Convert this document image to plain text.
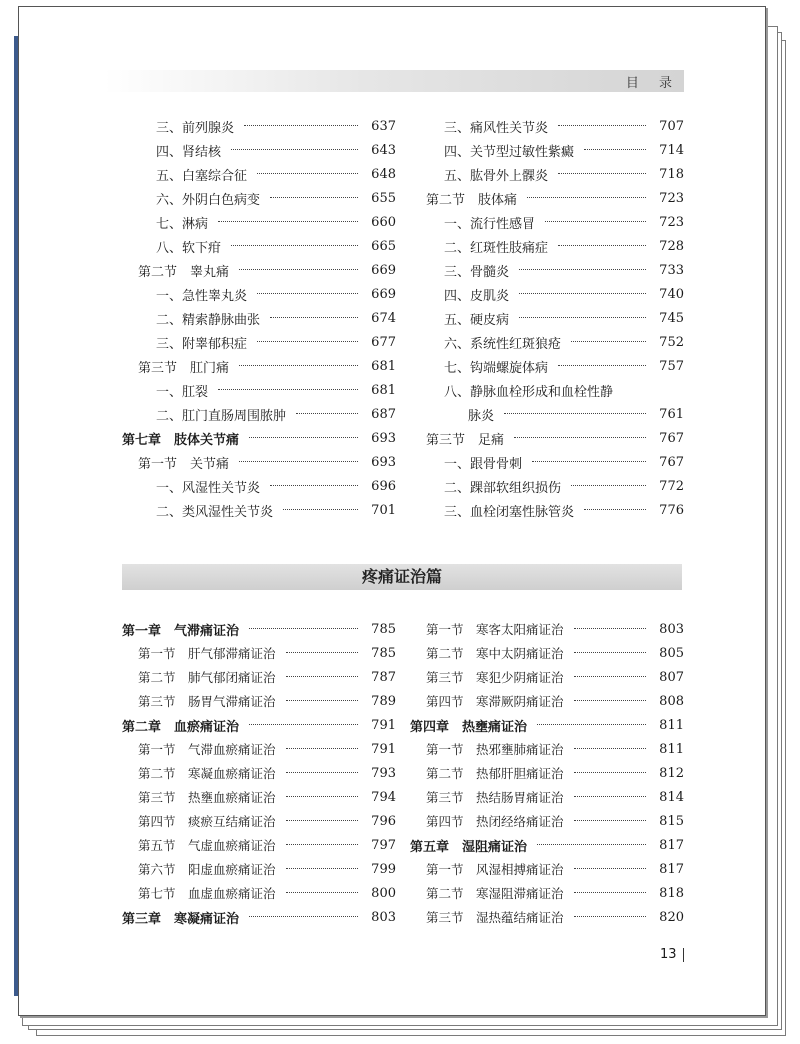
目 录
三、前列腺炎	637
四、肾结核	643
五、白塞综合征	648
六、外阴白色病变	655
七、淋病	660
八、软下疳	665
第二节　睾丸痛	669
一、急性睾丸炎	669
二、精索静脉曲张	674
三、附睾郁积症	677
第三节　肛门痛	681
一、肛裂	681
二、肛门直肠周围脓肿	687
第七章　肢体关节痛	693
第一节　关节痛	693
一、风湿性关节炎	696
二、类风湿性关节炎	701
三、痛风性关节炎	707
四、关节型过敏性紫癜	714
五、肱骨外上髁炎	718
第二节　肢体痛	723
一、流行性感冒	723
二、红斑性肢痛症	728
三、骨髓炎	733
四、皮肌炎	740
五、硬皮病	745
六、系统性红斑狼疮	752
七、钩端螺旋体病	757
八、静脉血栓形成和血栓性静
脉炎	761
第三节　足痛	767
一、跟骨骨刺	767
二、踝部软组织损伤	772
三、血栓闭塞性脉管炎	776
疼痛证治篇
第一章　气滞痛证治	785
第一节　肝气郁滞痛证治	785
第二节　肺气郁闭痛证治	787
第三节　肠胃气滞痛证治	789
第二章　血瘀痛证治	791
第一节　气滞血瘀痛证治	791
第二节　寒凝血瘀痛证治	793
第三节　热壅血瘀痛证治	794
第四节　痰瘀互结痛证治	796
第五节　气虚血瘀痛证治	797
第六节　阳虚血瘀痛证治	799
第七节　血虚血瘀痛证治	800
第三章　寒凝痛证治	803
第一节　寒客太阳痛证治	803
第二节　寒中太阴痛证治	805
第三节　寒犯少阴痛证治	807
第四节　寒滞厥阴痛证治	808
第四章　热壅痛证治	811
第一节　热邪壅肺痛证治	811
第二节　热郁肝胆痛证治	812
第三节　热结肠胃痛证治	814
第四节　热闭经络痛证治	815
第五章　湿阻痛证治	817
第一节　风湿相搏痛证治	817
第二节　寒湿阻滞痛证治	818
第三节　湿热蕴结痛证治	820
13
